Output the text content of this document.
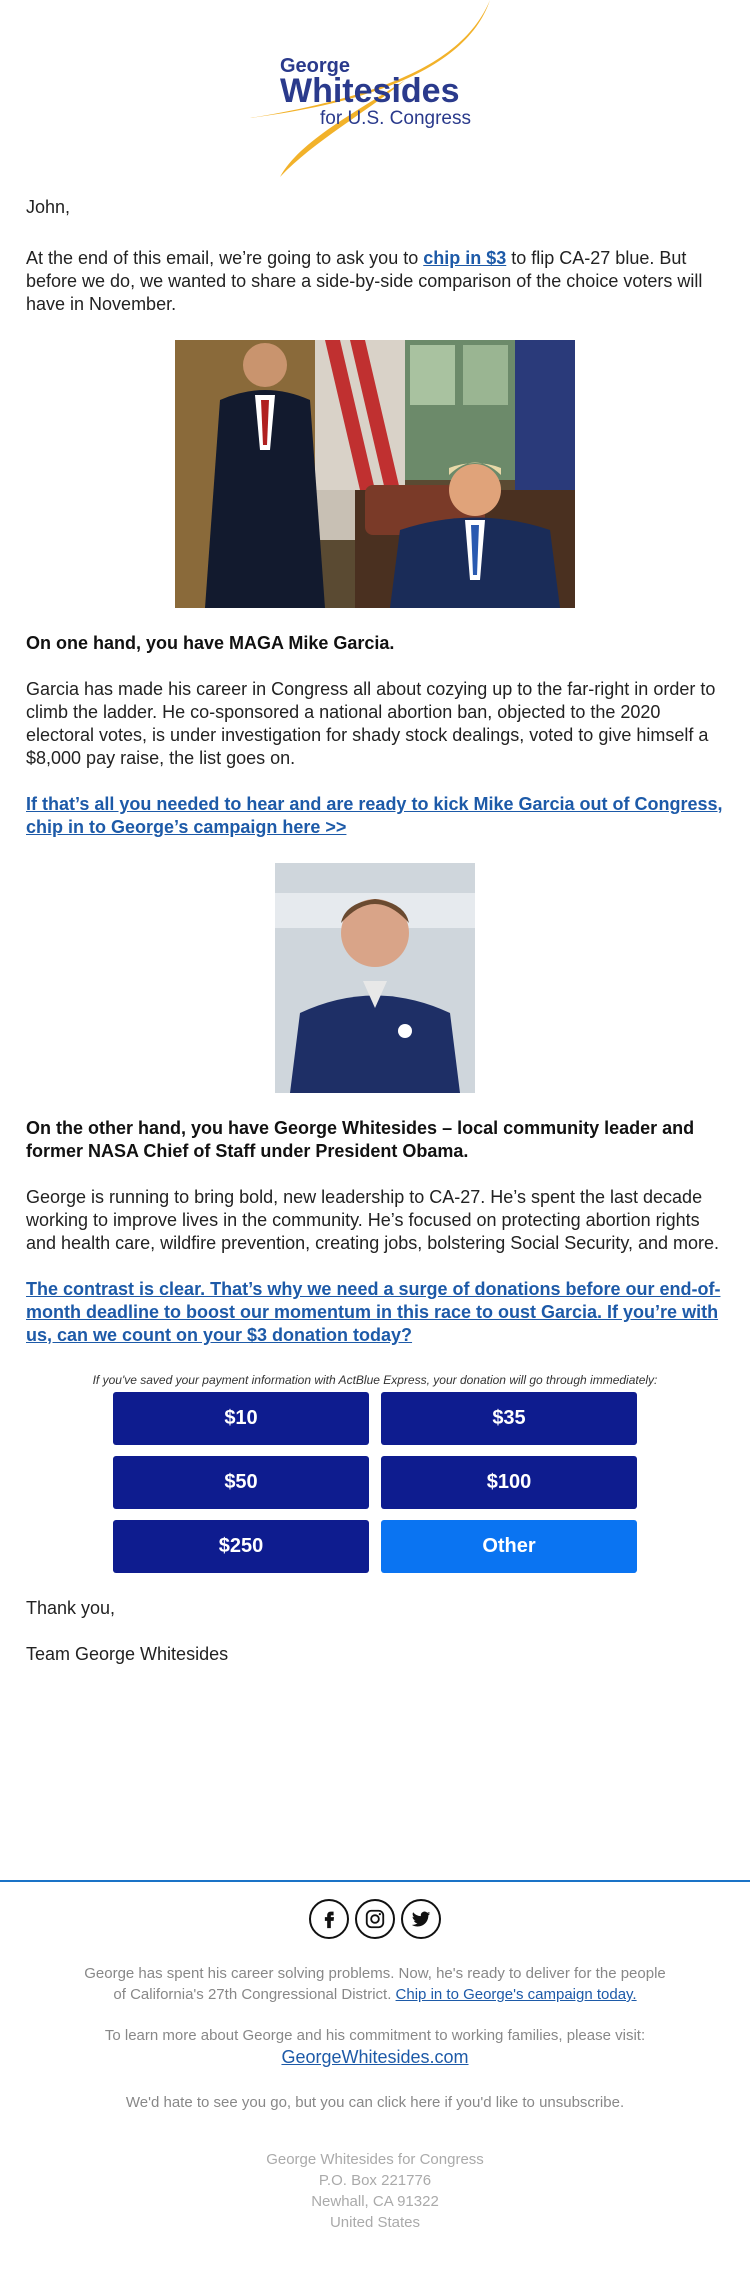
George
Whitesides
for U.S. Congress

John,

At the end of this email, we’re going to ask you to chip in $3 to flip CA-27 blue. But before we do, we wanted to share a side-by-side comparison of the choice voters will have in November.

On one hand, you have MAGA Mike Garcia.

Garcia has made his career in Congress all about cozying up to the far-right in order to climb the ladder. He co-sponsored a national abortion ban, objected to the 2020 electoral votes, is under investigation for shady stock dealings, voted to give himself a $8,000 pay raise, the list goes on.

If that’s all you needed to hear and are ready to kick Mike Garcia out of Congress, chip in to George’s campaign here >>

On the other hand, you have George Whitesides – local community leader and former NASA Chief of Staff under President Obama.

George is running to bring bold, new leadership to CA-27. He’s spent the last decade working to improve lives in the community. He’s focused on protecting abortion rights and health care, wildfire prevention, creating jobs, bolstering Social Security, and more.

The contrast is clear. That’s why we need a surge of donations before our end-of-month deadline to boost our momentum in this race to oust Garcia. If you’re with us, can we count on your $3 donation today?

If you've saved your payment information with ActBlue Express, your donation will go through immediately:

$10	$35
$50	$100
$250	Other

Thank you,

Team George Whitesides

George has spent his career solving problems. Now, he's ready to deliver for the people of California's 27th Congressional District. Chip in to George's campaign today.
To learn more about George and his commitment to working families, please visit:
GeorgeWhitesides.com
We'd hate to see you go, but you can click here if you'd like to unsubscribe.
George Whitesides for Congress
P.O. Box 221776
Newhall, CA 91322
United States
